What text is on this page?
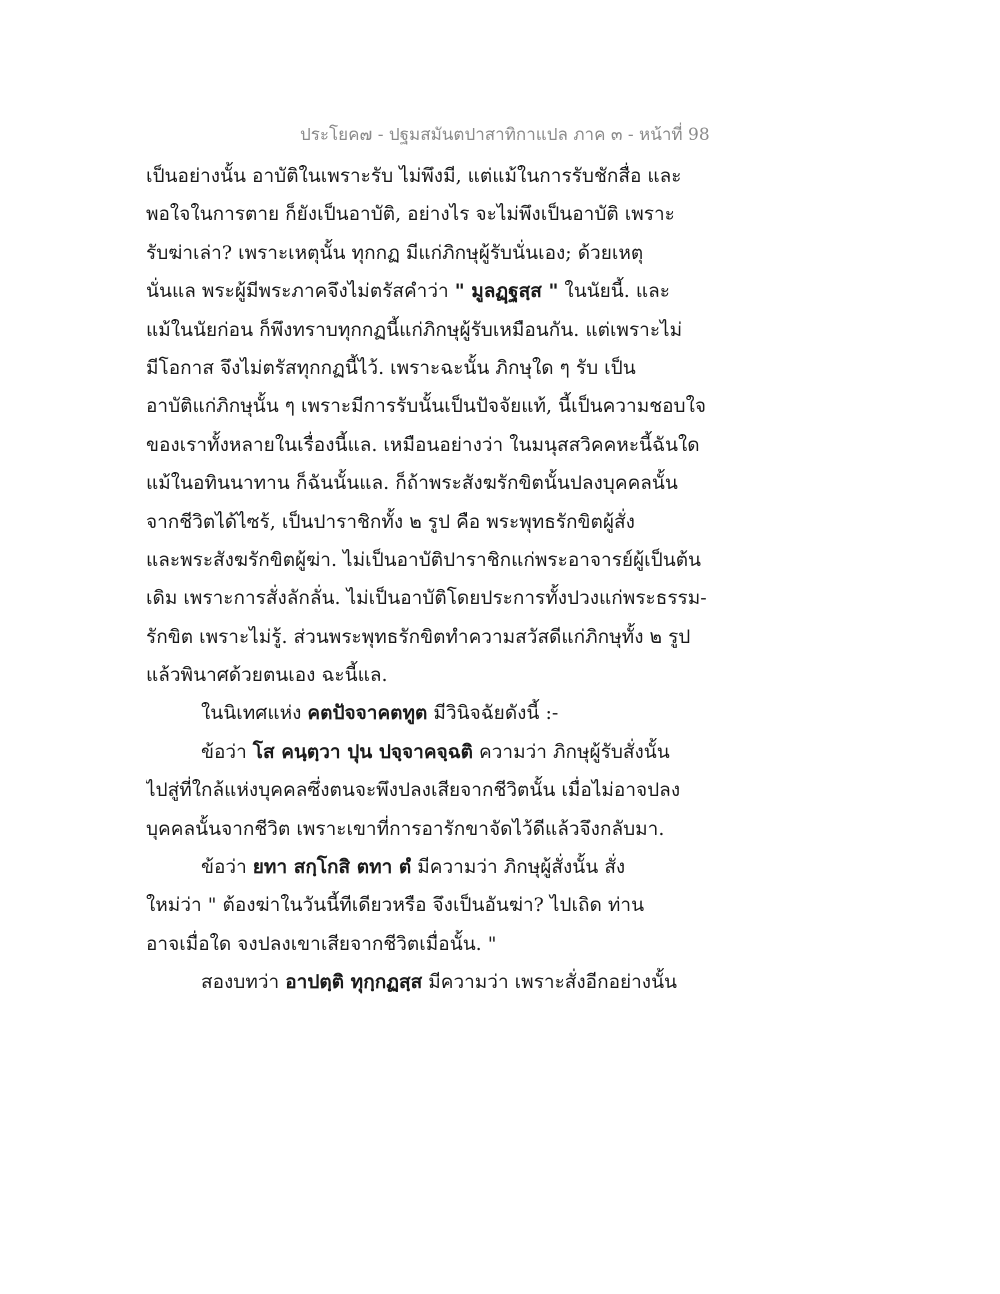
ประโยค๗ - ปฐมสมันตปาสาทิกาแปล ภาค ๓ - หน้าที่ 98
เป็นอย่างนั้น อาบัติในเพราะรับ ไม่พึงมี, แต่แม้ในการรับชักสื่อ และ
พอใจในการตาย ก็ยังเป็นอาบัติ, อย่างไร จะไม่พึงเป็นอาบัติ เพราะ
รับฆ่าเล่า? เพราะเหตุนั้น ทุกกฏ มีแก่ภิกษุผู้รับนั่นเอง; ด้วยเหตุ
นั่นแล พระผู้มีพระภาคจึงไม่ตรัสคำว่า " มูลฏฺฐสฺส " ในนัยนี้. และ
แม้ในนัยก่อน ก็พึงทราบทุกกฏนี้แก่ภิกษุผู้รับเหมือนกัน. แต่เพราะไม่
มีโอกาส จึงไม่ตรัสทุกกฏนี้ไว้. เพราะฉะนั้น ภิกษุใด ๆ รับ เป็น
อาบัติแก่ภิกษุนั้น ๆ เพราะมีการรับนั้นเป็นปัจจัยแท้, นี้เป็นความชอบใจ
ของเราทั้งหลายในเรื่องนี้แล. เหมือนอย่างว่า ในมนุสสวิคคหะนี้ฉันใด
แม้ในอทินนาทาน ก็ฉันนั้นแล. ก็ถ้าพระสังฆรักขิตนั้นปลงบุคคลนั้น
จากชีวิตได้ไซร้, เป็นปาราชิกทั้ง ๒ รูป คือ พระพุทธรักขิตผู้สั่ง
และพระสังฆรักขิตผู้ฆ่า. ไม่เป็นอาบัติปาราชิกแก่พระอาจารย์ผู้เป็นต้น
เดิม เพราะการสั่งลักลั่น. ไม่เป็นอาบัติโดยประการทั้งปวงแก่พระธรรม-
รักขิต เพราะไม่รู้. ส่วนพระพุทธรักขิตทำความสวัสดีแก่ภิกษุทั้ง ๒ รูป
แล้วพินาศด้วยตนเอง ฉะนี้แล.
ในนิเทศแห่ง คตปัจจาคตทูต มีวินิจฉัยดังนี้ :-
ข้อว่า โส คนฺตฺวา ปุน ปจฺจาคจฺฉติ ความว่า ภิกษุผู้รับสั่งนั้น
ไปสู่ที่ใกล้แห่งบุคคลซึ่งตนจะพึงปลงเสียจากชีวิตนั้น เมื่อไม่อาจปลง
บุคคลนั้นจากชีวิต เพราะเขาที่การอารักขาจัดไว้ดีแล้วจึงกลับมา.
ข้อว่า ยทา สกฺโกสิ ตทา ตํ มีความว่า ภิกษุผู้สั่งนั้น สั่ง
ใหม่ว่า " ต้องฆ่าในวันนี้ทีเดียวหรือ จึงเป็นอันฆ่า? ไปเถิด ท่าน
อาจเมื่อใด จงปลงเขาเสียจากชีวิตเมื่อนั้น. "
สองบทว่า อาปตฺติ ทุกฺกฏสฺส มีความว่า เพราะสั่งอีกอย่างนั้น
